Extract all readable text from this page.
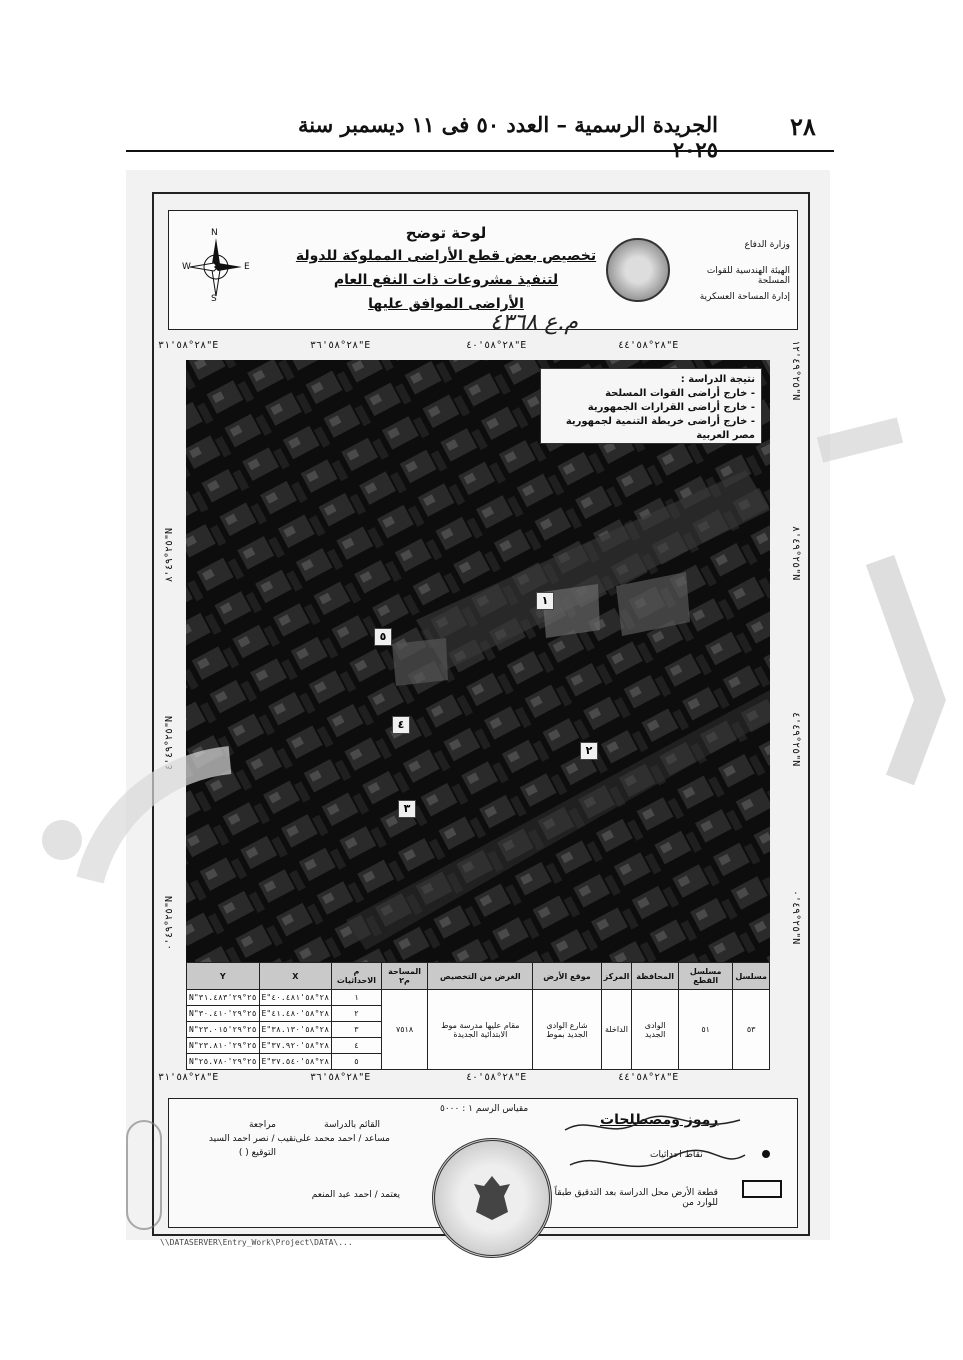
٢٨
الجريدة الرسمية – العدد ٥٠ فى ١١ ديسمبر سنة ٢٠٢٥
N
S
W	E
لوحة توضح
تخصيص بعض قطع الأراضى المملوكة للدولة
لتنفيذ مشروعات ذات النفع العام
الأراضى الموافق عليها
م.ع ٤٣٦٨
وزارة الدفاع
الهيئة الهندسية للقوات المسلحة
إدارة المساحة العسكرية
٢٨°٥٨'٣١"E	٢٨°٥٨'٣٦"E	٢٨°٥٨'٤٠"E	٢٨°٥٨'٤٤"E
٢٨°٥٨'٣١"E	٢٨°٥٨'٣٦"E	٢٨°٥٨'٤٠"E	٢٨°٥٨'٤٤"E
٢٥°٤٩'٨"N
٢٥°٤٩'٤"N
٢٥°٤٩'٠"N
٢٥°٤٩'١٢"N
٢٥°٤٩'٨"N
٢٥°٤٩'٤"N
٢٥°٤٩'٠"N
نتيجة الدراسة :
- خارج أراضى القوات المسلحة
- خارج أراضى القرارات الجمهورية
- خارج أراضى خريطة التنمية لجمهورية مصر العربية
١
٢
٣
٤
٥
مسلسل	مسلسل القطع	المحافظة	المركز	موقع الأرض	الغرض من التخصيص	المساحة م٢	م الاحداثيات	X	Y
٥٣	٥١	الوادى الجديد	الداخلة	شارع الوادى الجديد بموط	مقام عليها مدرسة موط الابتدائية الجديدة	٧٥١٨	١	٢٨°٥٨'٤٠.٤٨١"E	٢٥°٢٩'٣١.٤٨٣"N
							٢	٢٨°٥٨'٤١.٤٨٠"E	٢٥°٢٩'٣٠.٤١٠"N
							٣	٢٨°٥٨'٣٨.١٣٠"E	٢٥°٢٩'٢٣.٠١٥"N
							٤	٢٨°٥٨'٣٧.٩٢٠"E	٢٥°٢٩'٢٣.٨١٠"N
							٥	٢٨°٥٨'٣٧.٥٤٠"E	٢٥°٢٩'٢٥.٧٨٠"N
رموز ومصطلحات
مقياس الرسم ١ : ٥٠٠٠
نقاط احداثيات
قطعة الأرض محل الدراسة بعد التدقيق طبقاً للوارد من
مراجعة
نقيب / نصر احمد السيد
التوقيع ( )
القائم بالدراسة
مساعد / احمد محمد على
يعتمد / احمد عبد المنعم
\\DATASERVER\Entry_Work\Project\DATA\...
